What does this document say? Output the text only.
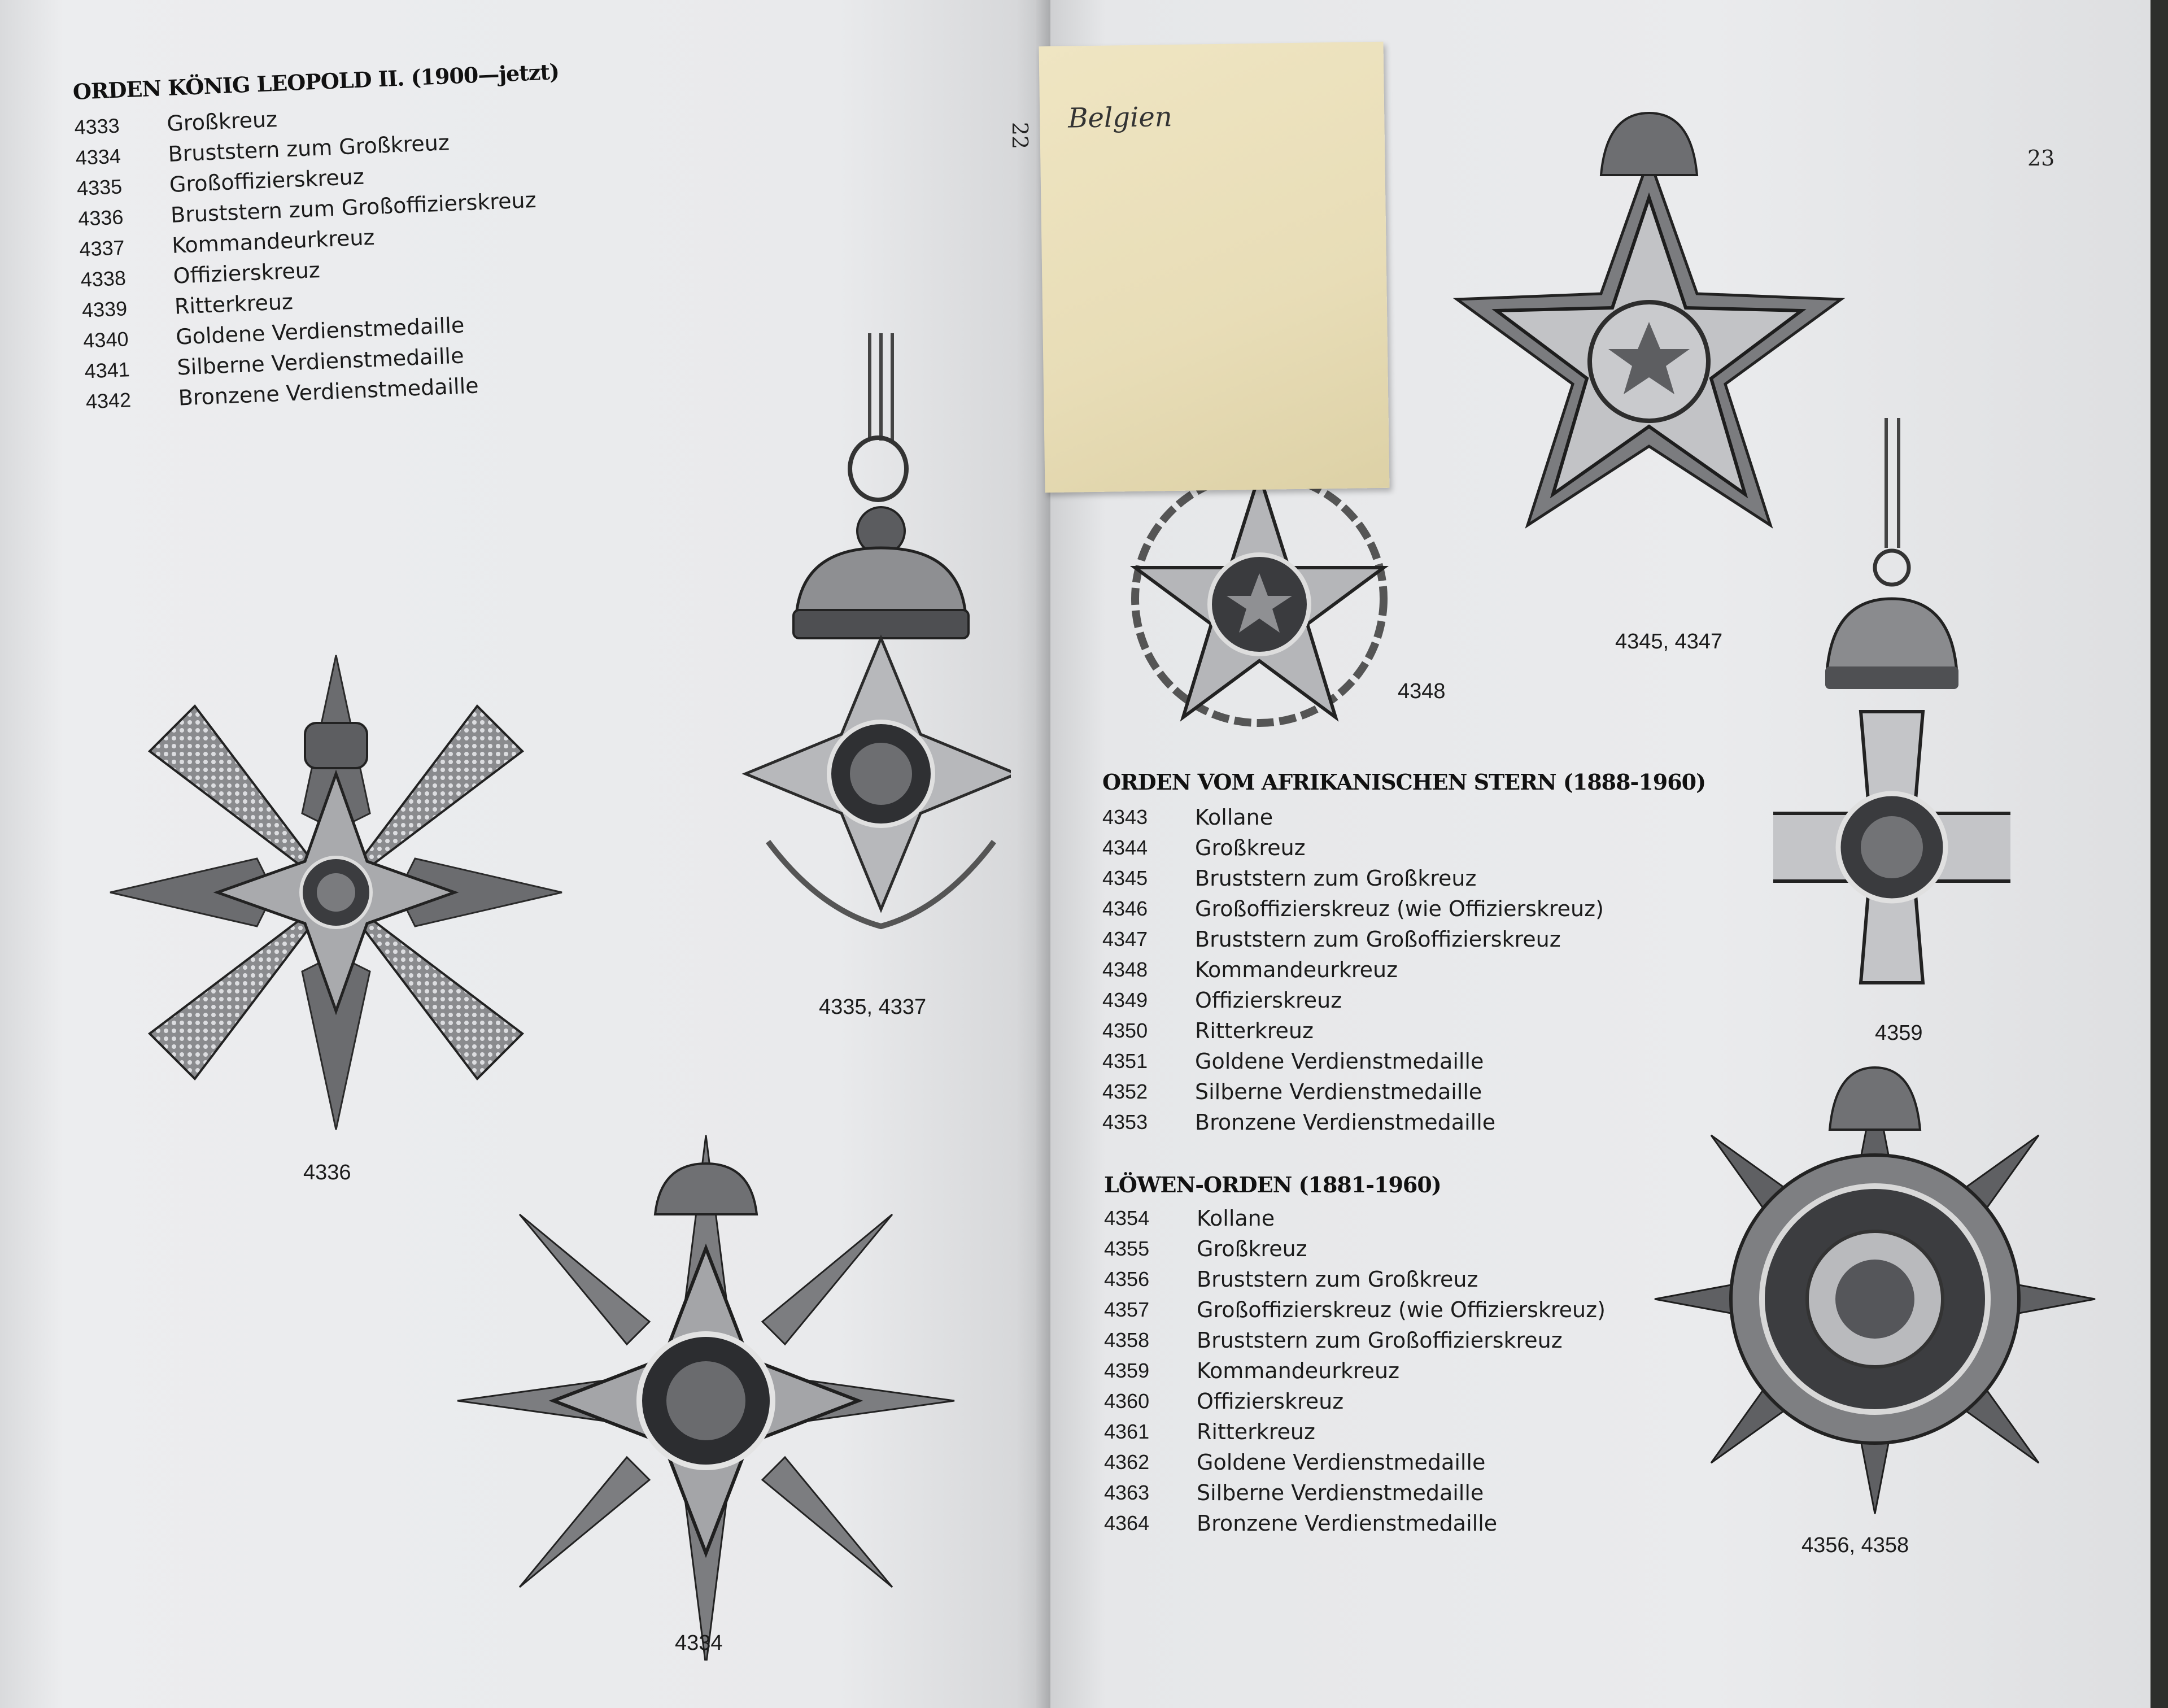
22
ORDEN KÖNIG LEOPOLD II. (1900—jetzt)
4333	Großkreuz
4334	Bruststern zum Großkreuz
4335	Großoffizierskreuz
4336	Bruststern zum Großoffizierskreuz
4337	Kommandeurkreuz
4338	Offizierskreuz
4339	Ritterkreuz
4340	Goldene Verdienstmedaille
4341	Silberne Verdienstmedaille
4342	Bronzene Verdienstmedaille
4336
4335, 4337
4334
23
4348
4345, 4347
4359
4356, 4358
ORDEN VOM AFRIKANISCHEN STERN (1888-1960)
4343	Kollane
4344	Großkreuz
4345	Bruststern zum Großkreuz
4346	Großoffizierskreuz (wie Offizierskreuz)
4347	Bruststern zum Großoffizierskreuz
4348	Kommandeurkreuz
4349	Offizierskreuz
4350	Ritterkreuz
4351	Goldene Verdienstmedaille
4352	Silberne Verdienstmedaille
4353	Bronzene Verdienstmedaille
LÖWEN-ORDEN (1881-1960)
4354	Kollane
4355	Großkreuz
4356	Bruststern zum Großkreuz
4357	Großoffizierskreuz (wie Offizierskreuz)
4358	Bruststern zum Großoffizierskreuz
4359	Kommandeurkreuz
4360	Offizierskreuz
4361	Ritterkreuz
4362	Goldene Verdienstmedaille
4363	Silberne Verdienstmedaille
4364	Bronzene Verdienstmedaille
Belgien
